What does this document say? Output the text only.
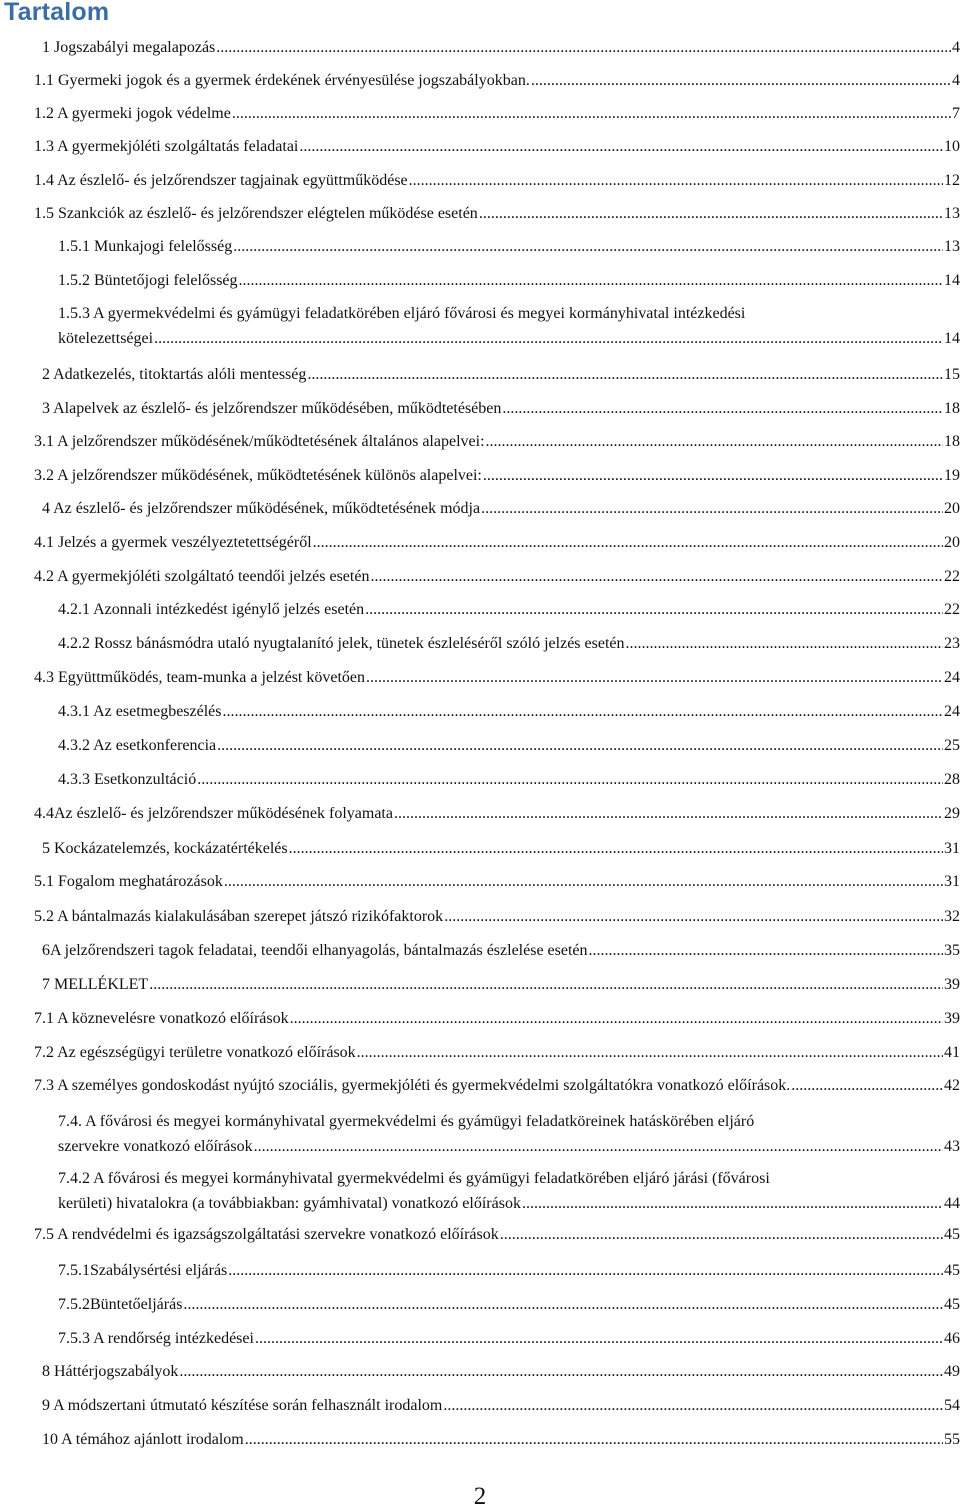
Tartalom
1 Jogszabályi megalapozás .....	4
1.1 Gyermeki jogok és a gyermek érdekének érvényesülése jogszabályokban. .....	4
1.2 A gyermeki jogok védelme .....	7
1.3 A gyermekjóléti szolgáltatás feladatai .....	10
1.4 Az észlelő- és jelzőrendszer tagjainak együttműködése .....	12
1.5 Szankciók az észlelő- és jelzőrendszer elégtelen működése esetén .....	13
1.5.1 Munkajogi felelősség .....	13
1.5.2 Büntetőjogi felelősség .....	14
1.5.3 A gyermekvédelmi és gyámügyi feladatkörében eljáró fővárosi és megyei kormányhivatal intézkedési
kötelezettségei .....	14
2 Adatkezelés, titoktartás alóli mentesség .....	15
3 Alapelvek az észlelő- és jelzőrendszer működésében, működtetésében .....	18
3.1 A jelzőrendszer működésének/működtetésének általános alapelvei: .....	18
3.2 A jelzőrendszer működésének, működtetésének különös alapelvei: .....	19
4 Az észlelő- és jelzőrendszer működésének, működtetésének módja .....	20
4.1 Jelzés a gyermek veszélyeztetettségéről .....	20
4.2 A gyermekjóléti szolgáltató teendői jelzés esetén .....	22
4.2.1 Azonnali intézkedést igénylő jelzés esetén .....	22
4.2.2 Rossz bánásmódra utaló nyugtalanító jelek, tünetek észleléséről szóló jelzés esetén .....	23
4.3 Együttműködés, team-munka a jelzést követően .....	24
4.3.1 Az esetmegbeszélés .....	24
4.3.2 Az esetkonferencia .....	25
4.3.3 Esetkonzultáció .....	28
4.4Az észlelő- és jelzőrendszer működésének folyamata .....	29
5 Kockázatelemzés, kockázatértékelés .....	31
5.1 Fogalom meghatározások .....	31
5.2 A bántalmazás kialakulásában szerepet játszó rizikófaktorok .....	32
6A jelzőrendszeri tagok feladatai, teendői elhanyagolás, bántalmazás észlelése esetén .....	35
7 MELLÉKLET .....	39
7.1 A köznevelésre vonatkozó előírások .....	39
7.2 Az egészségügyi területre vonatkozó előírások .....	41
7.3 A személyes gondoskodást nyújtó szociális, gyermekjóléti és gyermekvédelmi szolgáltatókra vonatkozó előírások. .....	42
7.4. A fővárosi és megyei kormányhivatal gyermekvédelmi és gyámügyi feladatköreinek hatáskörében eljáró
szervekre vonatkozó előírások .....	43
7.4.2 A fővárosi és megyei kormányhivatal gyermekvédelmi és gyámügyi feladatkörében eljáró járási (fővárosi
kerületi) hivatalokra (a továbbiakban: gyámhivatal) vonatkozó előírások .....	44
7.5 A rendvédelmi és igazságszolgáltatási szervekre vonatkozó előírások .....	45
7.5.1Szabálysértési eljárás .....	45
7.5.2Büntetőeljárás .....	45
7.5.3 A rendőrség intézkedései .....	46
8 Háttérjogszabályok .....	49
9 A módszertani útmutató készítése során felhasznált irodalom .....	54
10 A témához ajánlott irodalom .....	55
2
